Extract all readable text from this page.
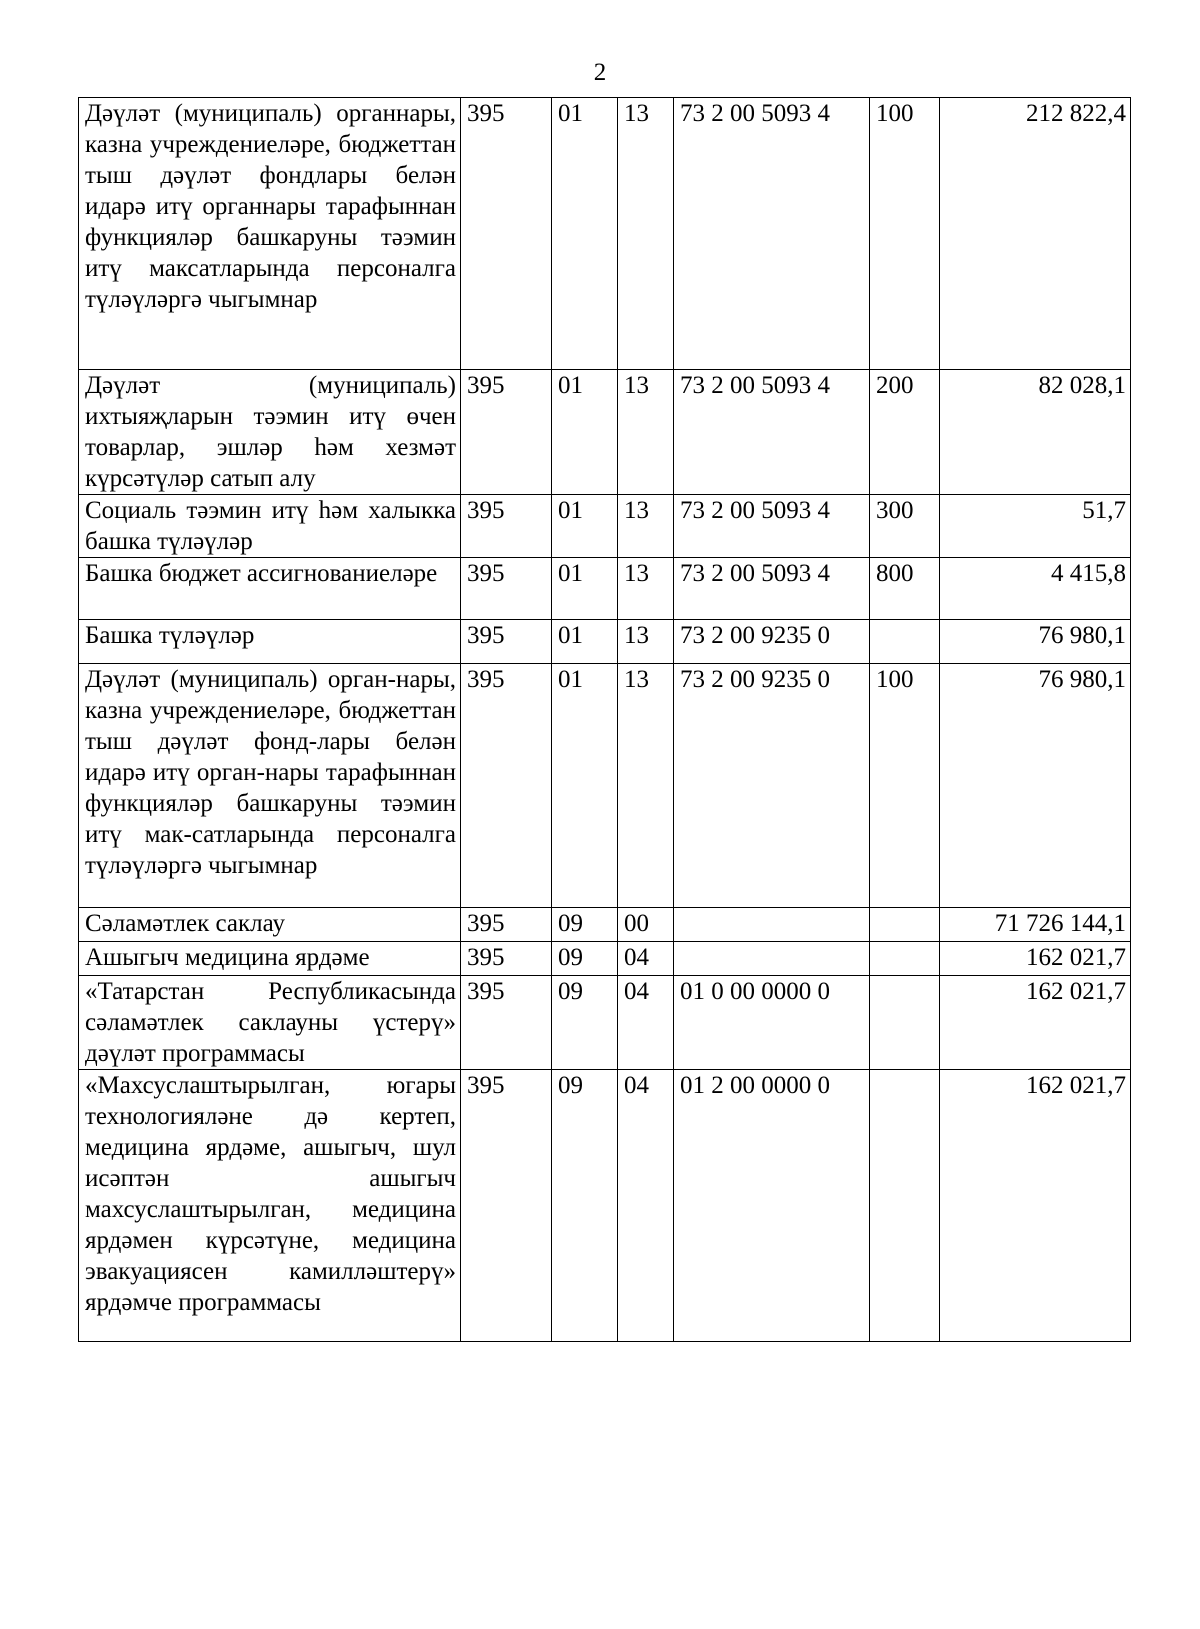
2
Дәүләт (муниципаль) органнары, казна учреждениеләре, бюджеттан тыш дәүләт фондлары белән идарә итү органнары тарафыннан функцияләр башкаруны тәэмин итү максатларында персоналга түләүләргә чыгымнар	395	01	13	73 2 00 5093 4	100	212 822,4
Дәүләт (муниципаль) ихтыяҗларын тәэмин итү өчен товарлар, эшләр һәм хезмәт күрсәтүләр сатып алу	395	01	13	73 2 00 5093 4	200	82 028,1
Социаль тәэмин итү һәм халыкка башка түләүләр	395	01	13	73 2 00 5093 4	300	51,7
Башка бюджет ассигнованиеләре	395	01	13	73 2 00 5093 4	800	4 415,8
Башка түләүләр	395	01	13	73 2 00 9235 0		76 980,1
Дәүләт (муниципаль) орган-нары, казна учреждениеләре, бюджеттан тыш дәүләт фонд-лары белән идарә итү орган-нары тарафыннан функцияләр башкаруны тәэмин итү мак-сатларында персоналга түләүләргә чыгымнар	395	01	13	73 2 00 9235 0	100	76 980,1
Сәламәтлек саклау	395	09	00			71 726 144,1
Ашыгыч медицина ярдәме	395	09	04			162 021,7
«Татарстан Республикасында сәламәтлек саклауны үстерү» дәүләт программасы	395	09	04	01 0 00 0000 0		162 021,7
«Махсуслаштырылган, югары технологияләне дә кертеп, медицина ярдәме, ашыгыч, шул исәптән ашыгыч махсуслаштырылган, медицина ярдәмен күрсәтүне, медицина эвакуациясен камилләштерү» ярдәмче программасы	395	09	04	01 2 00 0000 0		162 021,7
